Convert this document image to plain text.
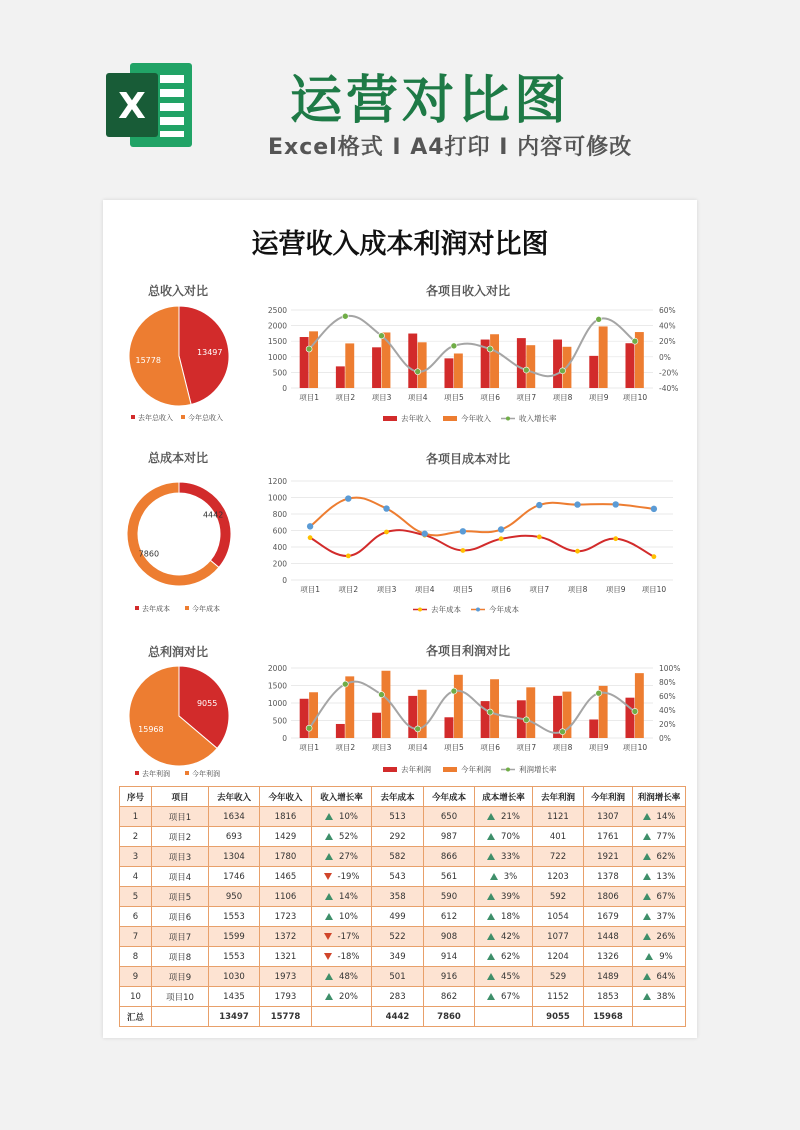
X	运营对比图
Excel格式 Ⅰ A4打印 Ⅰ 内容可修改
运营收入成本利润对比图
总收入对比
13497
15778
去年总收入 今年总收入
各项目收入对比
0
500
1000
1500
2000
2500
-40%
-20%
0%
20%
40%
60%
项目1 项目2 项目3 项目4 项目5 项目6 项目7 项目8 项目9 项目10
去年收入	今年收入	收入增长率
总成本对比
4442
7860
去年成本	今年成本
各项目成本对比
0
200
400
600
800
1000
1200
项目1 项目2 项目3 项目4 项目5 项目6 项目7 项目8 项目9 项目10
去年成本	今年成本
总利润对比
9055
15968
去年利润	今年利润
各项目利润对比
0
500
1000
1500
2000
0%
20%
40%
60%
80%
100%
项目1 项目2 项目3 项目4 项目5 项目6 项目7 项目8 项目9 项目10
去年利润	今年利润	利润增长率
序号	项目	去年收入	今年收入	收入增长率	去年成本	今年成本	成本增长率	去年利润	今年利润	利润增长率
1	项目1	1634	1816	10%	513	650	21%	1121	1307	14%
2	项目2	693	1429	52%	292	987	70%	401	1761	77%
3	项目3	1304	1780	27%	582	866	33%	722	1921	62%
4	项目4	1746	1465	-19%	543	561	3%	1203	1378	13%
5	项目5	950	1106	14%	358	590	39%	592	1806	67%
6	项目6	1553	1723	10%	499	612	18%	1054	1679	37%
7	项目7	1599	1372	-17%	522	908	42%	1077	1448	26%
8	项目8	1553	1321	-18%	349	914	62%	1204	1326	9%
9	项目9	1030	1973	48%	501	916	45%	529	1489	64%
10	项目10	1435	1793	20%	283	862	67%	1152	1853	38%
汇总		13497	15778		4442	7860		9055	15968	
